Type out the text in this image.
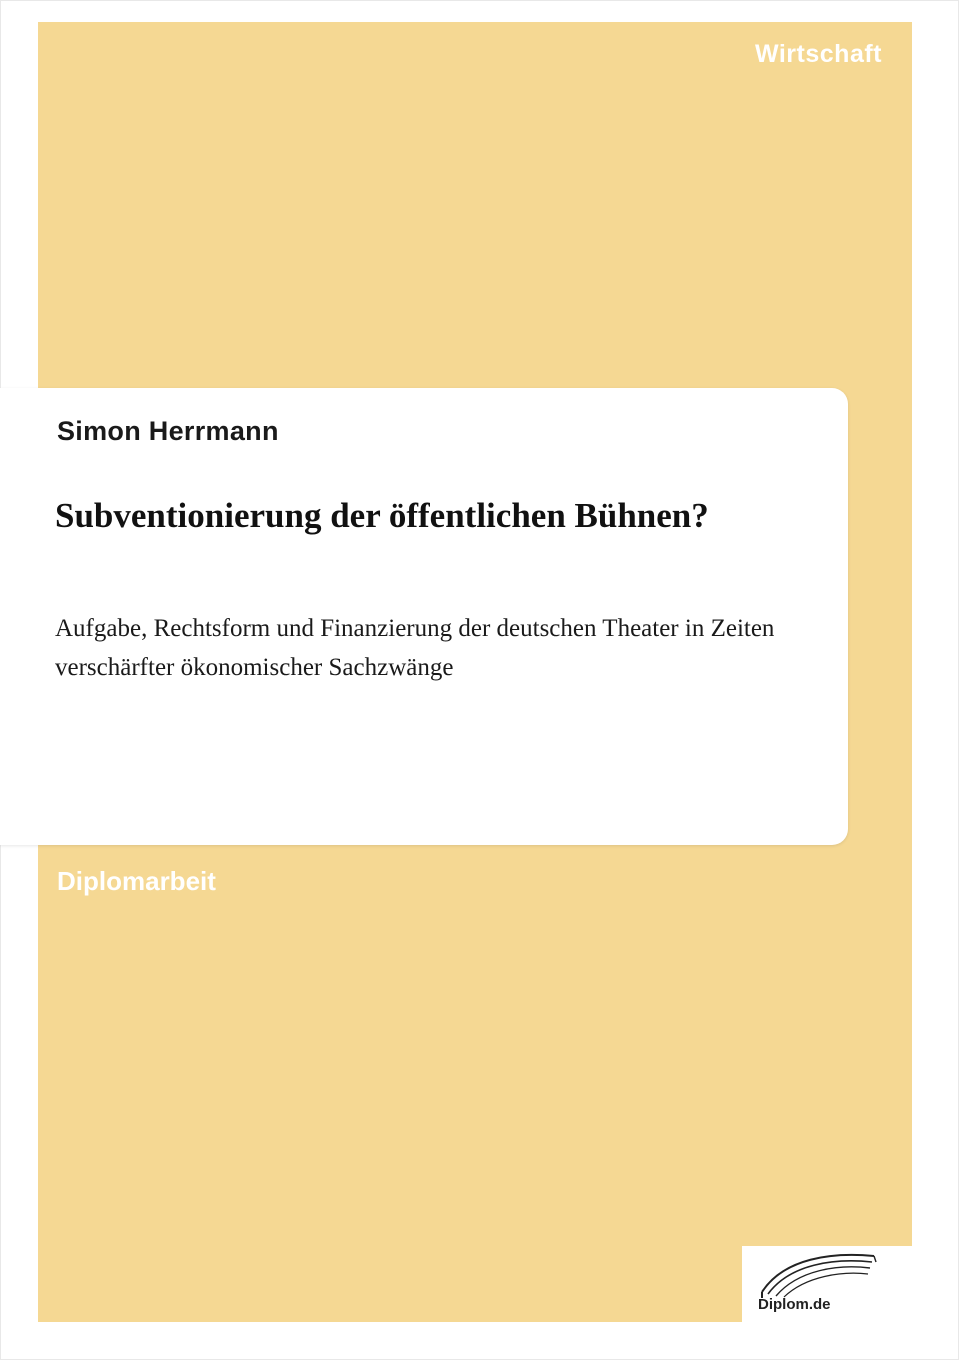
Wirtschaft
Simon Herrmann
Subventionierung der öffentlichen Bühnen?
Aufgabe, Rechtsform und Finanzierung der deutschen Theater in Zeiten verschärfter ökonomischer Sachzwänge
Diplomarbeit
Diplom.de
